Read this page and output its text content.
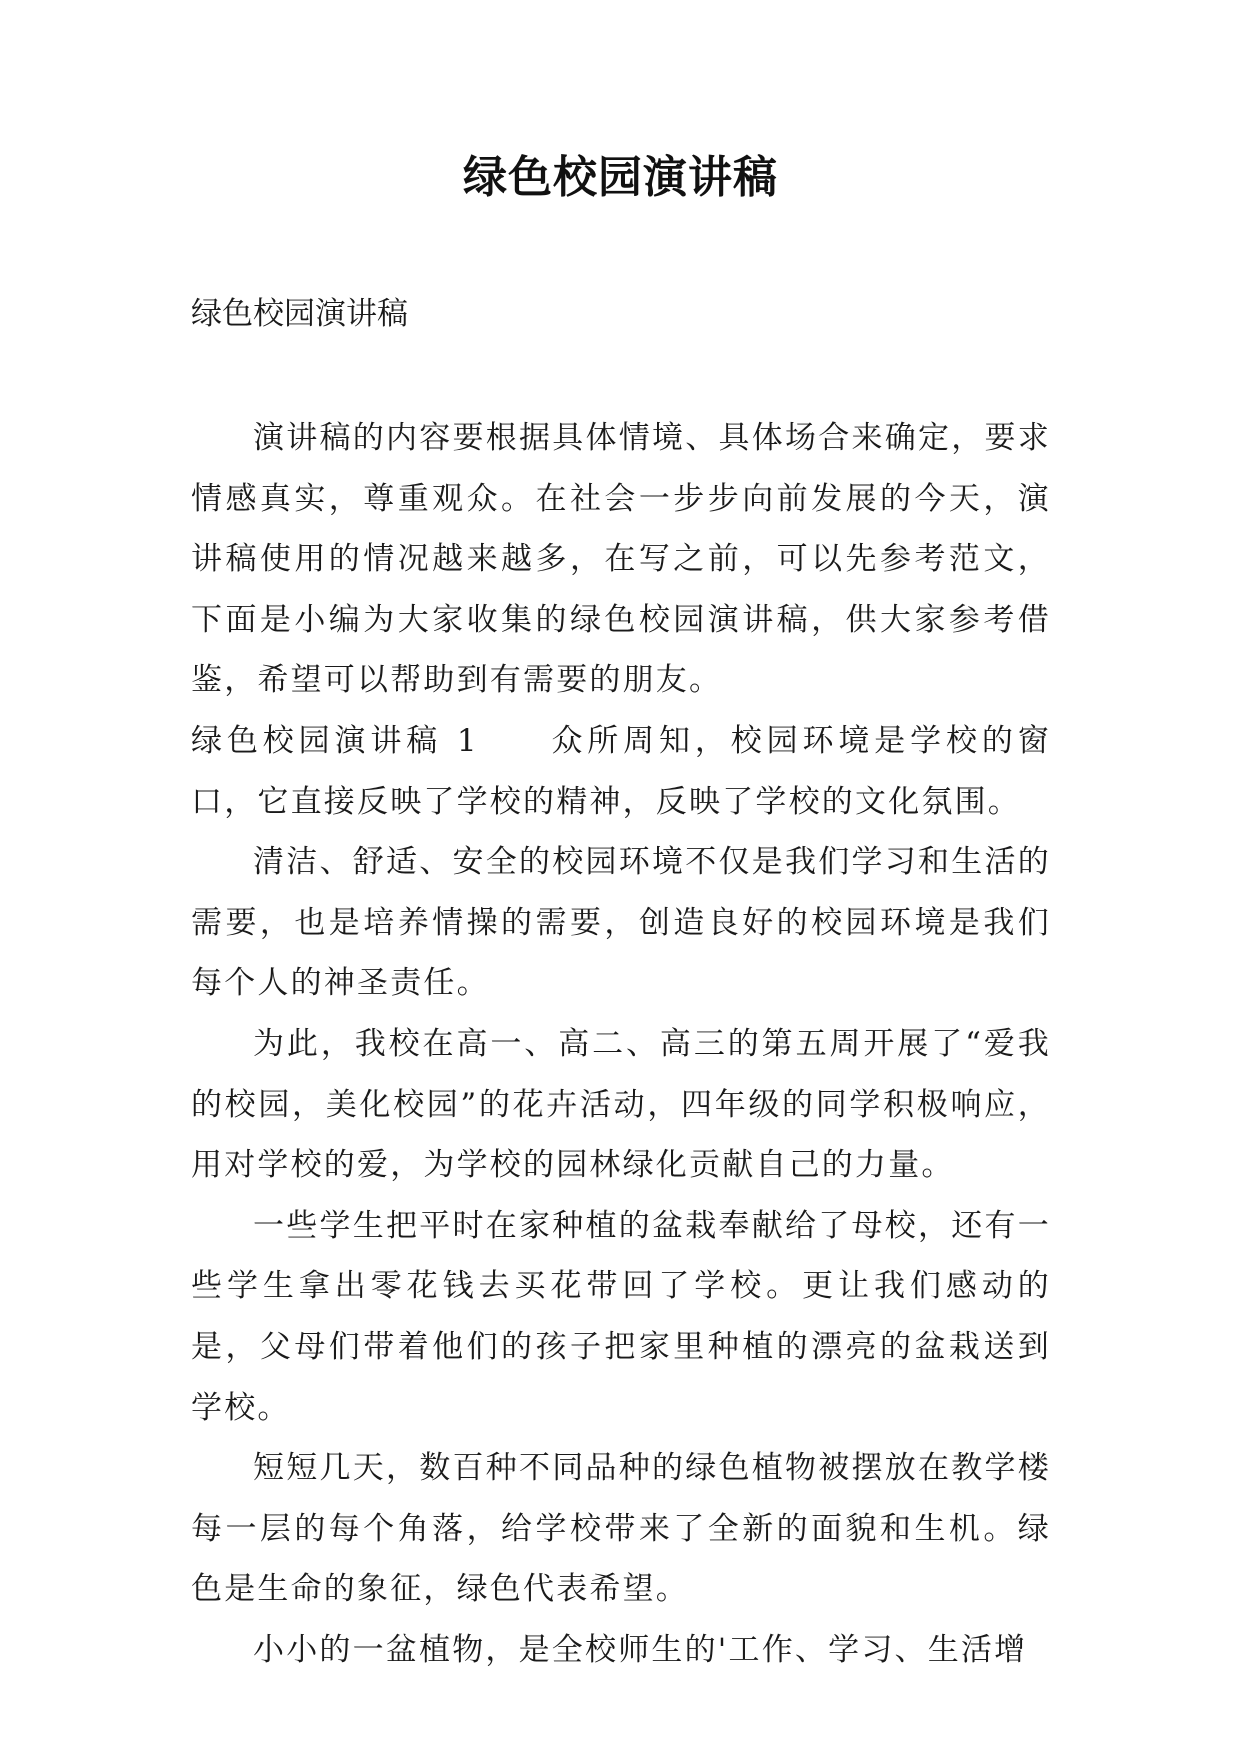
绿色校园演讲稿
绿色校园演讲稿

演讲稿的内容要根据具体情境、具体场合来确定，要求情感真实，尊重观众。在社会一步步向前发展的今天，演讲稿使用的情况越来越多，在写之前，可以先参考范文，下面是小编为大家收集的绿色校园演讲稿，供大家参考借鉴，希望可以帮助到有需要的朋友。

绿色校园演讲稿 1 众所周知，校园环境是学校的窗口，它直接反映了学校的精神，反映了学校的文化氛围。

清洁、舒适、安全的校园环境不仅是我们学习和生活的需要，也是培养情操的需要，创造良好的校园环境是我们每个人的神圣责任。

为此，我校在高一、高二、高三的第五周开展了“爱我的校园，美化校园”的花卉活动，四年级的同学积极响应，用对学校的爱，为学校的园林绿化贡献自己的力量。

一些学生把平时在家种植的盆栽奉献给了母校，还有一些学生拿出零花钱去买花带回了学校。更让我们感动的是，父母们带着他们的孩子把家里种植的漂亮的盆栽送到学校。

短短几天，数百种不同品种的绿色植物被摆放在教学楼每一层的每个角落，给学校带来了全新的面貌和生机。绿色是生命的象征，绿色代表希望。

小小的一盆植物，是全校师生的'工作、学习、生活增
